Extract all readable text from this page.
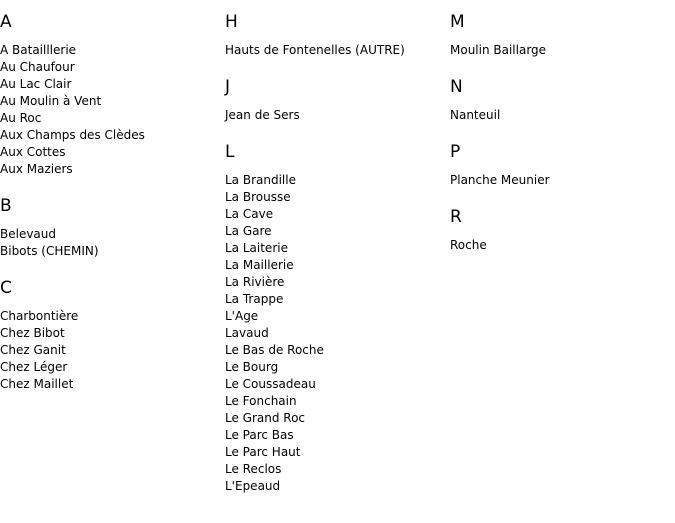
A
A Batailllerie
Au Chaufour
Au Lac Clair
Au Moulin à Vent
Au Roc
Aux Champs des Clèdes
Aux Cottes
Aux Maziers
B
Belevaud
Bibots (CHEMIN)
C
Charbontière
Chez Bibot
Chez Ganit
Chez Léger
Chez Maillet
H
Hauts de Fontenelles (AUTRE)
J
Jean de Sers
L
La Brandille
La Brousse
La Cave
La Gare
La Laiterie
La Maillerie
La Rivière
La Trappe
L'Age
Lavaud
Le Bas de Roche
Le Bourg
Le Coussadeau
Le Fonchain
Le Grand Roc
Le Parc Bas
Le Parc Haut
Le Reclos
L'Epeaud
M
Moulin Baillarge
N
Nanteuil
P
Planche Meunier
R
Roche
